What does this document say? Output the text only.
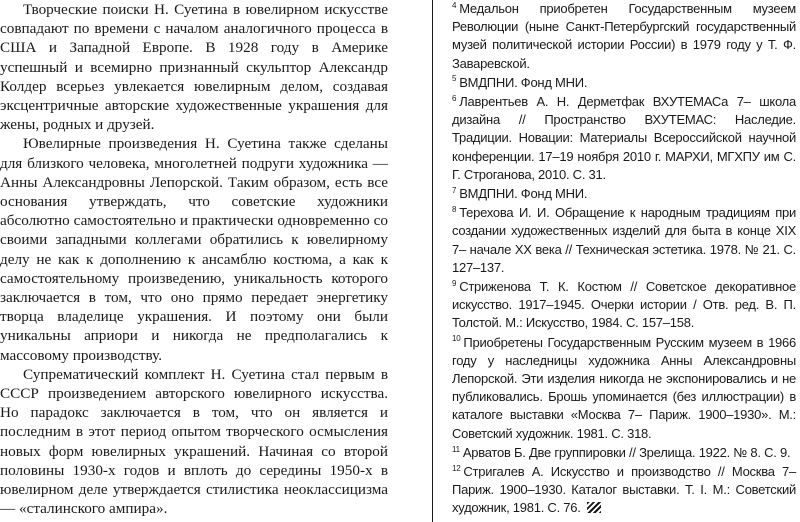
Творческие поиски Н. Суетина в ювелирном искусстве совпадают по времени с началом аналогичного процесса в США и Западной Европе. В 1928 году в Америке успешный и всемирно признанный скульптор Александр Колдер всерьез увлекается ювелирным делом, создавая эксцентричные авторские художественные украшения для жены, родных и друзей.

Ювелирные произведения Н. Суетина также сделаны для близкого человека, многолетней подруги художника — Анны Александровны Лепорской. Таким образом, есть все основания утверждать, что советские художники абсолютно самостоятельно и практически одновременно со своими западными коллегами обратились к ювелирному делу не как к дополнению к ансамблю костюма, а как к самостоятельному произведению, уникальность которого заключается в том, что оно прямо передает энергетику творца владелице украшения. И поэтому они были уникальны априори и никогда не предполагались к массовому производству.

Супрематический комплект Н. Суетина стал первым в СССР произведением авторского ювелирного искусства. Но парадокс заключается в том, что он является и последним в этот период опытом творческого осмысления новых форм ювелирных украшений. Начиная со второй половины 1930-х годов и вплоть до середины 1950-х в ювелирном деле утверждается стилистика неоклассицизма — «сталинского ампира».

$^4$ Медальон приобретен Государственным музеем Революции (ныне Санкт-Петербургский государственный музей политической истории России) в 1979 году у Т. Ф. Заваревской.

$^5$ ВМДПНИ. Фонд МНИ.

$^6$ Лаврентьев А. Н. Дерметфак ВХУТЕМАСа 7– школа дизайна // Пространство ВХУТЕМАС: Наследие. Традиции. Новации: Материалы Всероссийской научной конференции. 17–19 ноября 2010 г. МАРХИ, МГХПУ им С. Г. Строганова, 2010. С. 31.

$^7$ ВМДПНИ. Фонд МНИ.

$^8$ Терехова И. И. Обращение к народным традициям при создании художественных изделий для быта в конце XIX 7– начале XX века // Техническая эстетика. 1978. № 21. С. 127–137.

$^9$ Стриженова Т. К. Костюм // Советское декоративное искусство. 1917–1945. Очерки истории / Отв. ред. В. П. Толстой. М.: Искусство, 1984. С. 157–158.

$^{10}$ Приобретены Государственным Русским музеем в 1966 году у наследницы художника Анны Александровны Лепорской. Эти изделия никогда не экспонировались и не публиковались. Брошь упоминается (без иллюстрации) в каталоге выставки «Москва 7– Париж. 1900–1930». М.: Советский художник. 1981. С. 318.

$^{11}$ Арватов Б. Две группировки // Зрелища. 1922. № 8. С. 9.

$^{12}$ Стригалев А. Искусство и производство // Москва 7– Париж. 1900–1930. Каталог выставки. Т. I. М.: Советский художник, 1981. С. 76.
